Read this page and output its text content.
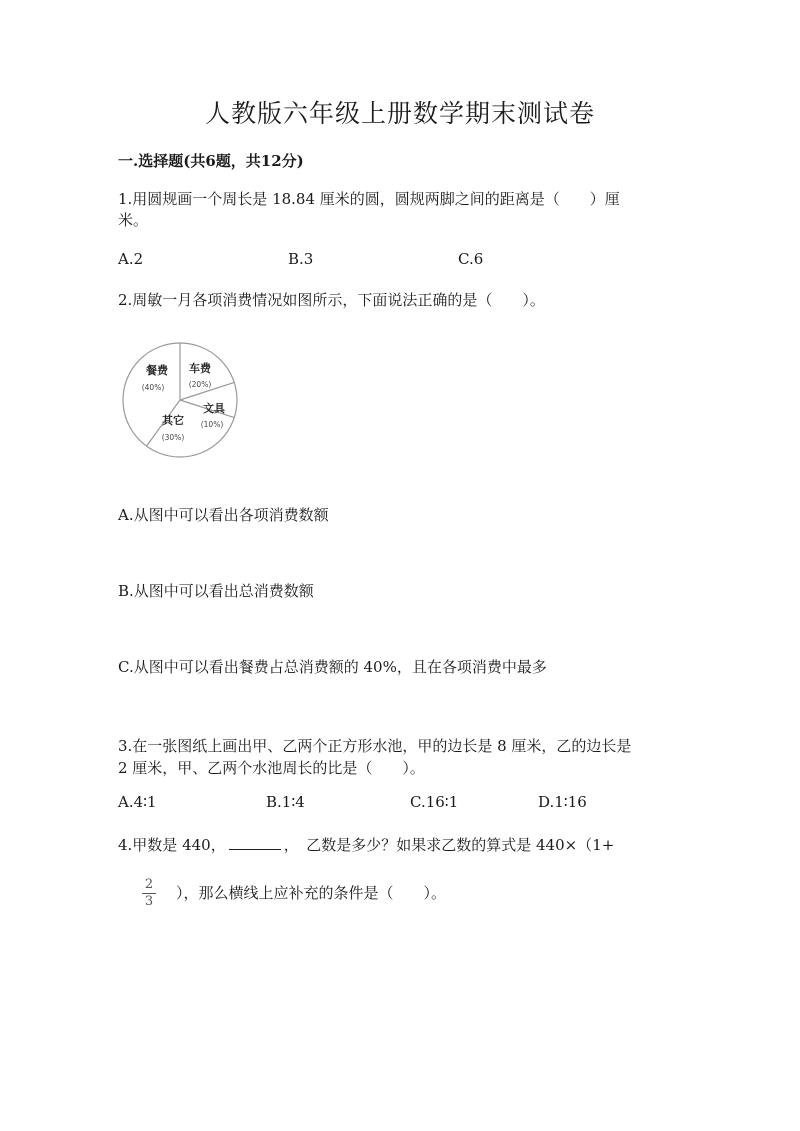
人教版六年级上册数学期末测试卷
一.选择题(共6题，共12分)
1.用圆规画一个周长是 18.84 厘米的圆，圆规两脚之间的距离是（　　）厘
米。
A.2	B.3	C.6
2.周敏一月各项消费情况如图所示，下面说法正确的是（　　）。
餐费
(40%)
车费
(20%)
文具
(10%)
其它
(30%)
A.从图中可以看出各项消费数额
B.从图中可以看出总消费数额
C.从图中可以看出餐费占总消费额的 40%，且在各项消费中最多
3.在一张图纸上画出甲、乙两个正方形水池，甲的边长是 8 厘米，乙的边长是
2 厘米，甲、乙两个水池周长的比是（　　）。
A.4∶1	B.1∶4	C.16∶1	D.1∶16
4.甲数是 440，	，　乙数是多少？如果求乙数的算式是 440×（1+
2
3 ），那么横线上应补充的条件是（　　）。
